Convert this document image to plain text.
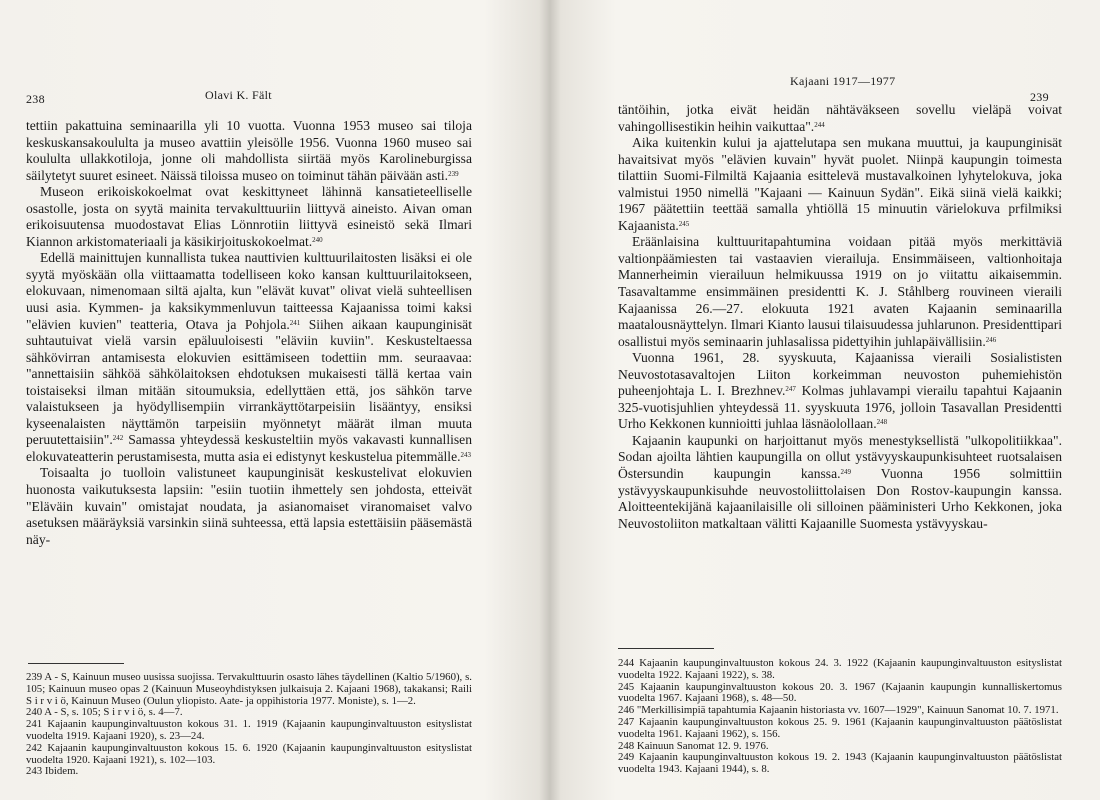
238	Olavi K. Fält

tettiin pakattuina seminaarilla yli 10 vuotta. Vuonna 1953 museo sai tiloja keskuskansakoululta ja museo avattiin yleisölle 1956. Vuonna 1960 museo sai koululta ullakkotiloja, jonne oli mahdollista siirtää myös Karolineburgissa säilytetyt suuret esineet. Näissä tiloissa museo on toiminut tähän päivään asti.$^{239}$

Museon erikoiskokoelmat ovat keskittyneet lähinnä kansatieteelliselle osastolle, josta on syytä mainita tervakulttuuriin liittyvä aineisto. Aivan oman erikoisuutensa muodostavat Elias Lönnrotiin liittyvä esineistö sekä Ilmari Kiannon arkistomateriaali ja käsikirjoituskokoelmat.$^{240}$

Edellä mainittujen kunnallista tukea nauttivien kulttuurilaitosten lisäksi ei ole syytä myöskään olla viittaamatta todelliseen koko kansan kulttuurilaitokseen, elokuvaan, nimenomaan siltä ajalta, kun "elävät kuvat" olivat vielä suhteellisen uusi asia. Kymmen- ja kaksikymmenluvun taitteessa Kajaanissa toimi kaksi "elävien kuvien" teatteria, Otava ja Pohjola.$^{241}$ Siihen aikaan kaupunginisät suhtautuivat vielä varsin epäluuloisesti "eläviin kuviin". Keskusteltaessa sähkövirran antamisesta elokuvien esittämiseen todettiin mm. seuraavaa: "annettaisiin sähköä sähkölaitoksen ehdotuksen mukaisesti tällä kertaa vain toistaiseksi ilman mitään sitoumuksia, edellyttäen että, jos sähkön tarve valaistukseen ja hyödyllisempiin virrankäyttötarpeisiin lisääntyy, ensiksi kyseenalaisten näyttämön tarpeisiin myönnetyt määrät ilman muuta peruutettaisiin".$^{242}$ Samassa yhteydessä keskusteltiin myös vakavasti kunnallisen elokuvateatterin perustamisesta, mutta asia ei edistynyt keskustelua pitemmälle.$^{243}$

Toisaalta jo tuolloin valistuneet kaupunginisät keskustelivat elokuvien huonosta vaikutuksesta lapsiin: "esiin tuotiin ihmettely sen johdosta, etteivät "Eläväin kuvain" omistajat noudata, ja asianomaiset viranomaiset valvo asetuksen määräyksiä varsinkin siinä suhteessa, että lapsia estettäisiin pääsemästä näy-

239 A - S, Kainuun museo uusissa suojissa. Tervakulttuurin osasto lähes täydellinen (Kaltio 5/1960), s. 105; Kainuun museo opas 2 (Kainuun Museoyhdistyksen julkaisuja 2. Kajaani 1968), takakansi; Raili S i r v i ö, Kainuun Museo (Oulun yliopisto. Aate- ja oppihistoria 1977. Moniste), s. 1—2.

240 A - S, s. 105; S i r v i ö, s. 4—7.

241 Kajaanin kaupunginvaltuuston kokous 31. 1. 1919 (Kajaanin kaupunginvaltuuston esityslistat vuodelta 1919. Kajaani 1920), s. 23—24.

242 Kajaanin kaupunginvaltuuston kokous 15. 6. 1920 (Kajaanin kaupunginvaltuuston esityslistat vuodelta 1920. Kajaani 1921), s. 102—103.

243 Ibidem.

Kajaani 1917—1977
239

täntöihin, jotka eivät heidän nähtäväkseen sovellu vieläpä voivat vahingollisestikin heihin vaikuttaa".$^{244}$

Aika kuitenkin kului ja ajattelutapa sen mukana muuttui, ja kaupunginisät havaitsivat myös "elävien kuvain" hyvät puolet. Niinpä kaupungin toimesta tilattiin Suomi-Filmiltä Kajaania esittelevä mustavalkoinen lyhytelokuva, joka valmistui 1950 nimellä "Kajaani — Kainuun Sydän". Eikä siinä vielä kaikki; 1967 päätettiin teettää samalla yhtiöllä 15 minuutin värielokuva prfilmiksi Kajaanista.$^{245}$

Eräänlaisina kulttuuritapahtumina voidaan pitää myös merkittäviä valtionpäämiesten tai vastaavien vierailuja. Ensimmäiseen, valtionhoitaja Mannerheimin vierailuun helmikuussa 1919 on jo viitattu aikaisemmin. Tasavaltamme ensimmäinen presidentti K. J. Ståhlberg rouvineen vieraili Kajaanissa 26.—27. elokuuta 1921 avaten Kajaanin seminaarilla maatalousnäyttelyn. Ilmari Kianto lausui tilaisuudessa juhlarunon. Presidenttipari osallistui myös seminaarin juhlasalissa pidettyihin juhlapäivällisiin.$^{246}$

Vuonna 1961, 28. syyskuuta, Kajaanissa vieraili Sosialististen Neuvostotasavaltojen Liiton korkeimman neuvoston puhemiehistön puheenjohtaja L. I. Brezhnev.$^{247}$ Kolmas juhlavampi vierailu tapahtui Kajaanin 325-vuotisjuhlien yhteydessä 11. syyskuuta 1976, jolloin Tasavallan Presidentti Urho Kekkonen kunnioitti juhlaa läsnäolollaan.$^{248}$

Kajaanin kaupunki on harjoittanut myös menestyksellistä "ulkopolitiikkaa". Sodan ajoilta lähtien kaupungilla on ollut ystävyyskaupunkisuhteet ruotsalaisen Östersundin kaupungin kanssa.$^{249}$ Vuonna 1956 solmittiin ystävyyskaupunkisuhde neuvostoliittolaisen Don Rostov-kaupungin kanssa. Aloitteentekijänä kajaanilaisille oli silloinen pääministeri Urho Kekkonen, joka Neuvostoliiton matkaltaan välitti Kajaanille Suomesta ystävyyskau-

244 Kajaanin kaupunginvaltuuston kokous 24. 3. 1922 (Kajaanin kaupunginvaltuuston esityslistat vuodelta 1922. Kajaani 1922), s. 38.

245 Kajaanin kaupunginvaltuuston kokous 20. 3. 1967 (Kajaanin kaupungin kunnalliskertomus vuodelta 1967. Kajaani 1968), s. 48—50.

246 "Merkillisimpiä tapahtumia Kajaanin historiasta vv. 1607—1929", Kainuun Sanomat 10. 7. 1971.

247 Kajaanin kaupunginvaltuuston kokous 25. 9. 1961 (Kajaanin kaupunginvaltuuston päätöslistat vuodelta 1961. Kajaani 1962), s. 156.

248 Kainuun Sanomat 12. 9. 1976.

249 Kajaanin kaupunginvaltuuston kokous 19. 2. 1943 (Kajaanin kaupunginvaltuuston päätöslistat vuodelta 1943. Kajaani 1944), s. 8.
